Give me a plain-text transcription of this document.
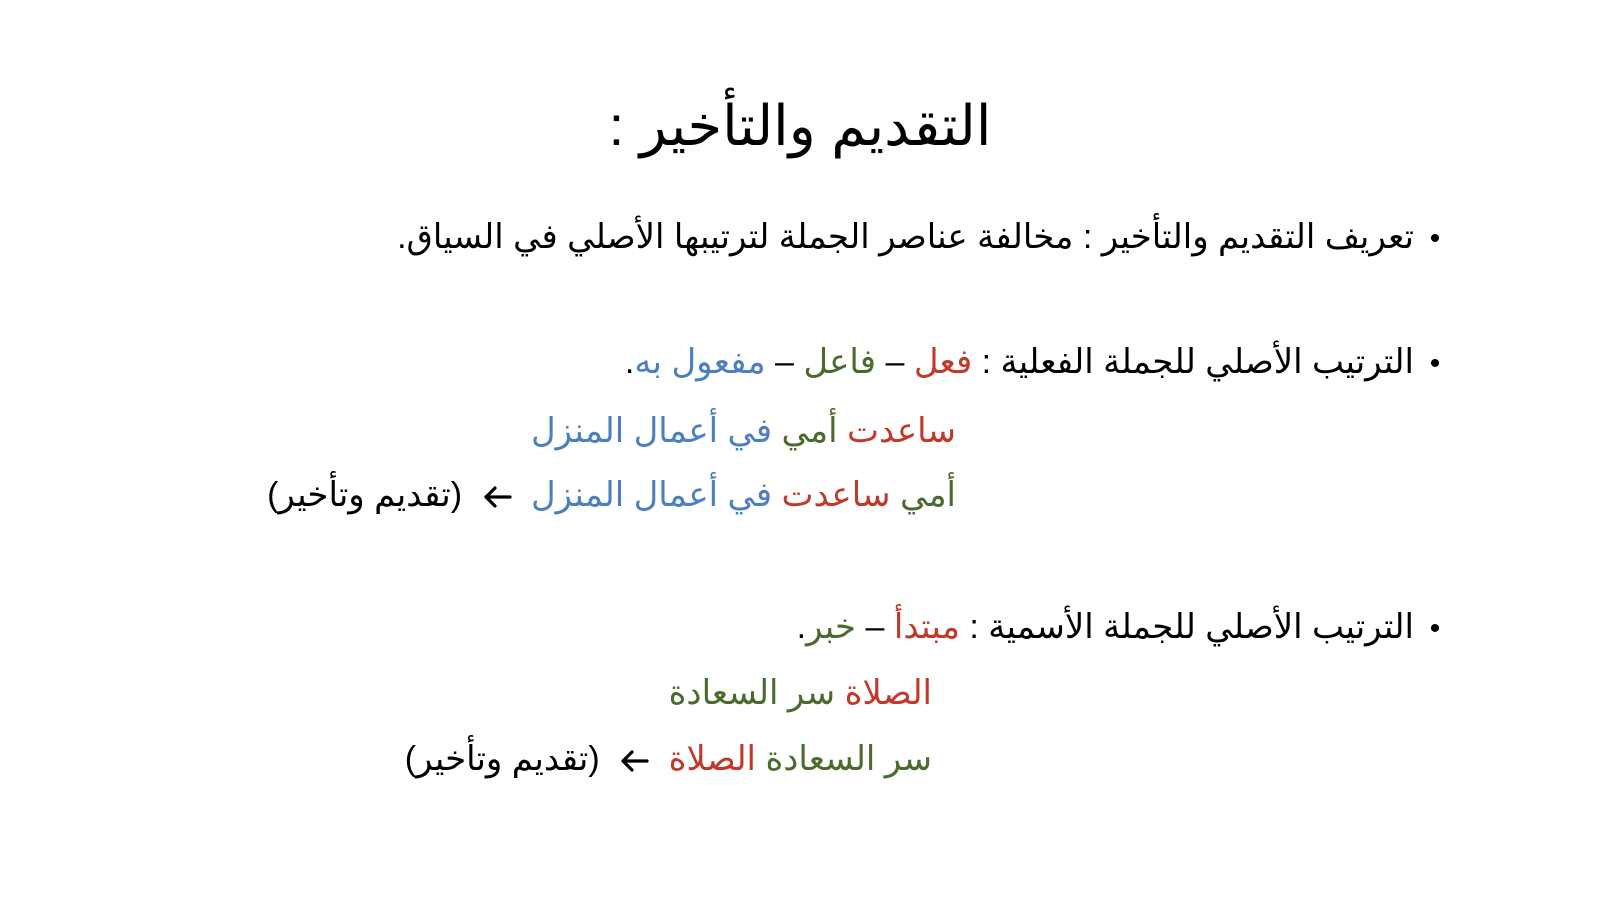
التقديم والتأخير :
•تعريف التقديم والتأخير : مخالفة عناصر الجملة لترتيبها الأصلي في السياق.
•الترتيب الأصلي للجملة الفعلية : فعل – فاعل – مفعول به.
ساعدت أمي في أعمال المنزل
أمي ساعدت في أعمال المنزل
(تقديم وتأخير)
•الترتيب الأصلي للجملة الأسمية : مبتدأ – خبر.
الصلاة سر السعادة
سر السعادة الصلاة
(تقديم وتأخير)
